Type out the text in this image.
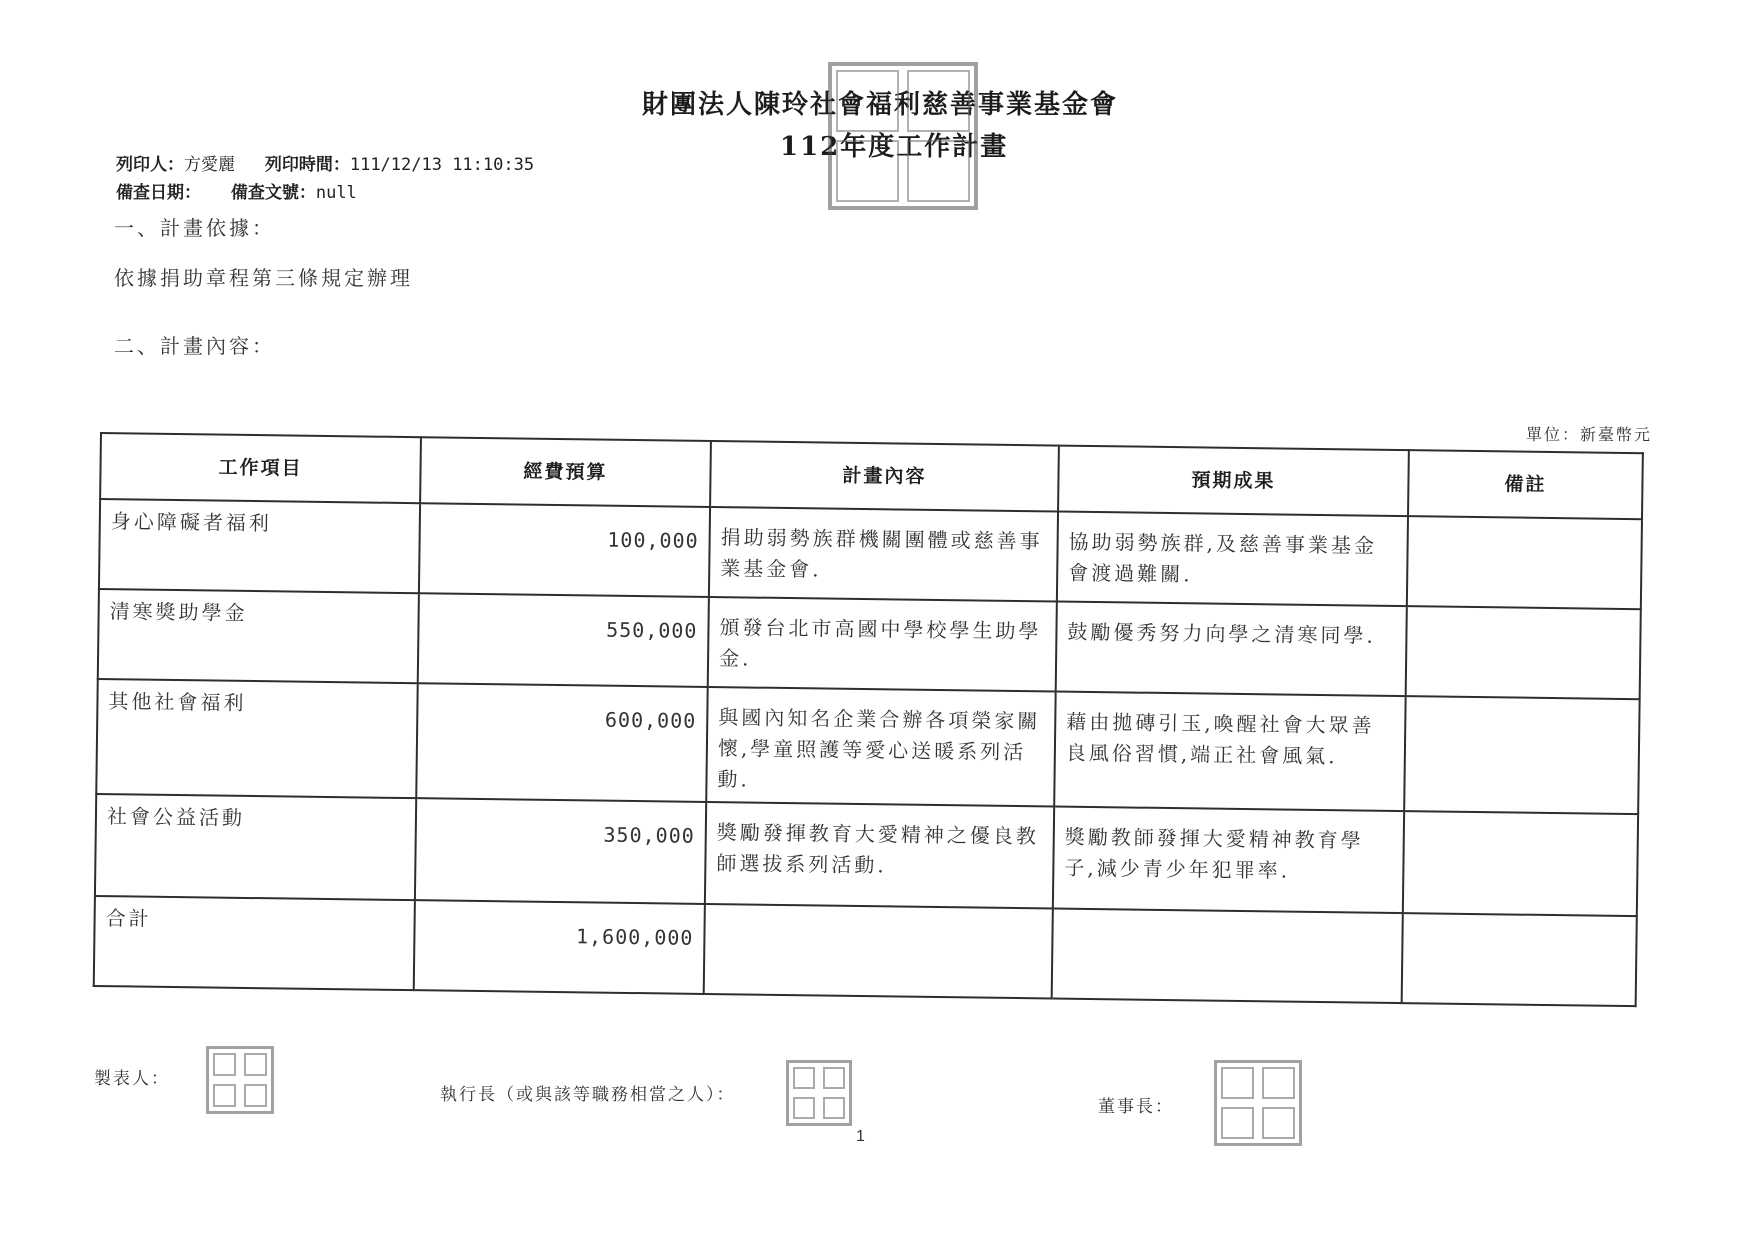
財團法人陳玲社會福利慈善事業基金會
112年度工作計畫
列印人：方愛麗 列印時間：111/12/13 11:10:35
備查日期： 備查文號：null
一、計畫依據：
依據捐助章程第三條規定辦理
二、計畫內容：
單位：新臺幣元
工作項目	經費預算	計畫內容	預期成果	備註
身心障礙者福利	100,000	捐助弱勢族群機關團體或慈善事業基金會.	協助弱勢族群,及慈善事業基金會渡過難關.	
清寒獎助學金	550,000	頒發台北市高國中學校學生助學金.	鼓勵優秀努力向學之清寒同學.	
其他社會福利	600,000	與國內知名企業合辦各項榮家關懷,學童照護等愛心送暖系列活動.	藉由拋磚引玉,喚醒社會大眾善良風俗習慣,端正社會風氣.	
社會公益活動	350,000	獎勵發揮教育大愛精神之優良教師選拔系列活動.	獎勵教師發揮大愛精神教育學子,減少青少年犯罪率.	
合計	1,600,000			
製表人：
執行長（或與該等職務相當之人）：
董事長：
1
